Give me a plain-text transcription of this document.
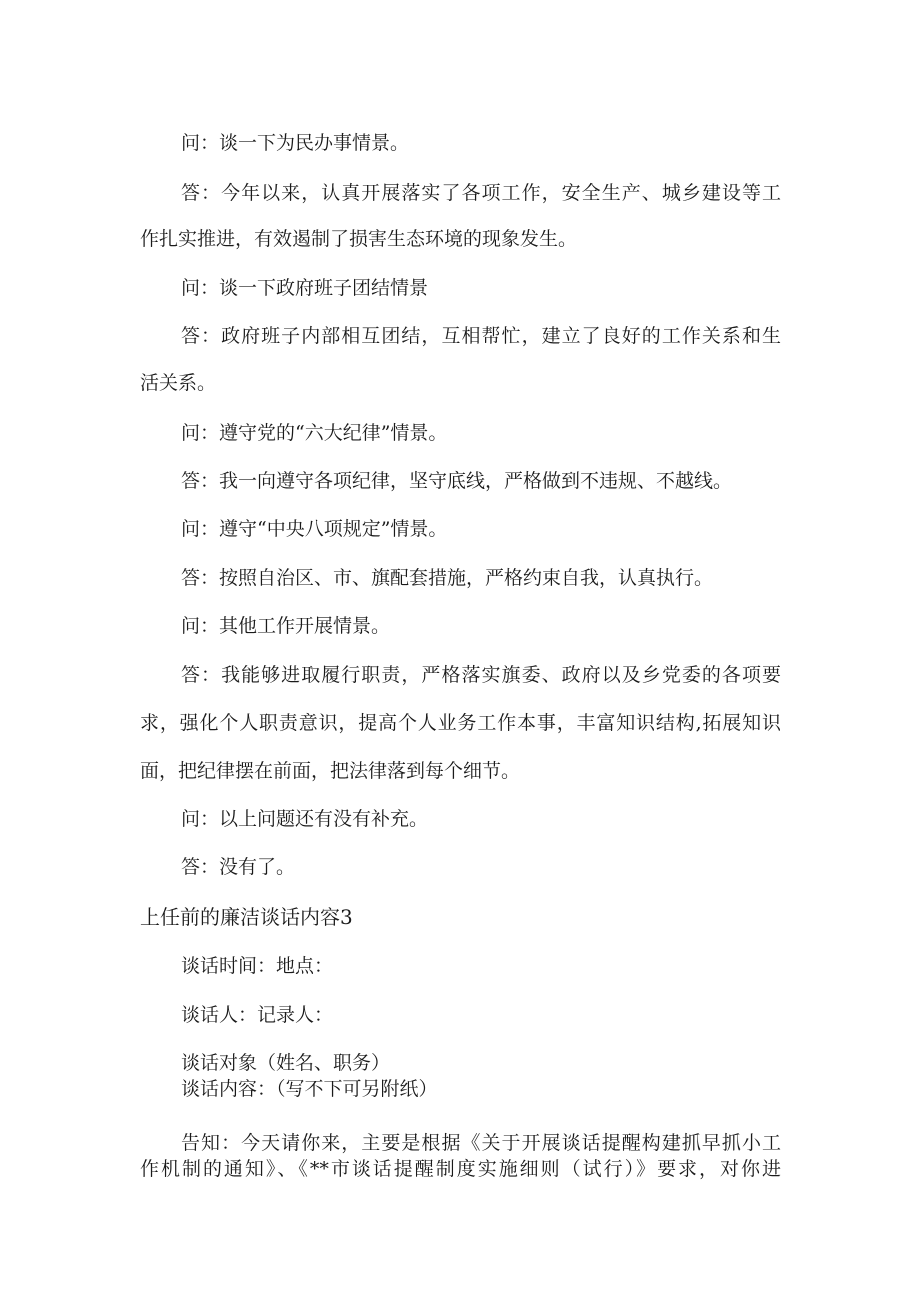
问：谈一下为民办事情景。
答：今年以来，认真开展落实了各项工作，安全生产、城乡建设等工
作扎实推进，有效遏制了损害生态环境的现象发生。
问：谈一下政府班子团结情景
答：政府班子内部相互团结，互相帮忙，建立了良好的工作关系和生
活关系。
问：遵守党的“六大纪律”情景。
答：我一向遵守各项纪律，坚守底线，严格做到不违规、不越线。
问：遵守“中央八项规定”情景。
答：按照自治区、市、旗配套措施，严格约束自我，认真执行。
问：其他工作开展情景。
答：我能够进取履行职责，严格落实旗委、政府以及乡党委的各项要
求，强化个人职责意识，提高个人业务工作本事，丰富知识结构,拓展知识
面，把纪律摆在前面，把法律落到每个细节。
问：以上问题还有没有补充。
答：没有了。
上任前的廉洁谈话内容3
谈话时间：地点：
谈话人：记录人：
谈话对象（姓名、职务）
谈话内容：（写不下可另附纸）
告知：今天请你来，主要是根据《关于开展谈话提醒构建抓早抓小工
作机制的通知》、《**市谈话提醒制度实施细则（试行）》要求，对你进
